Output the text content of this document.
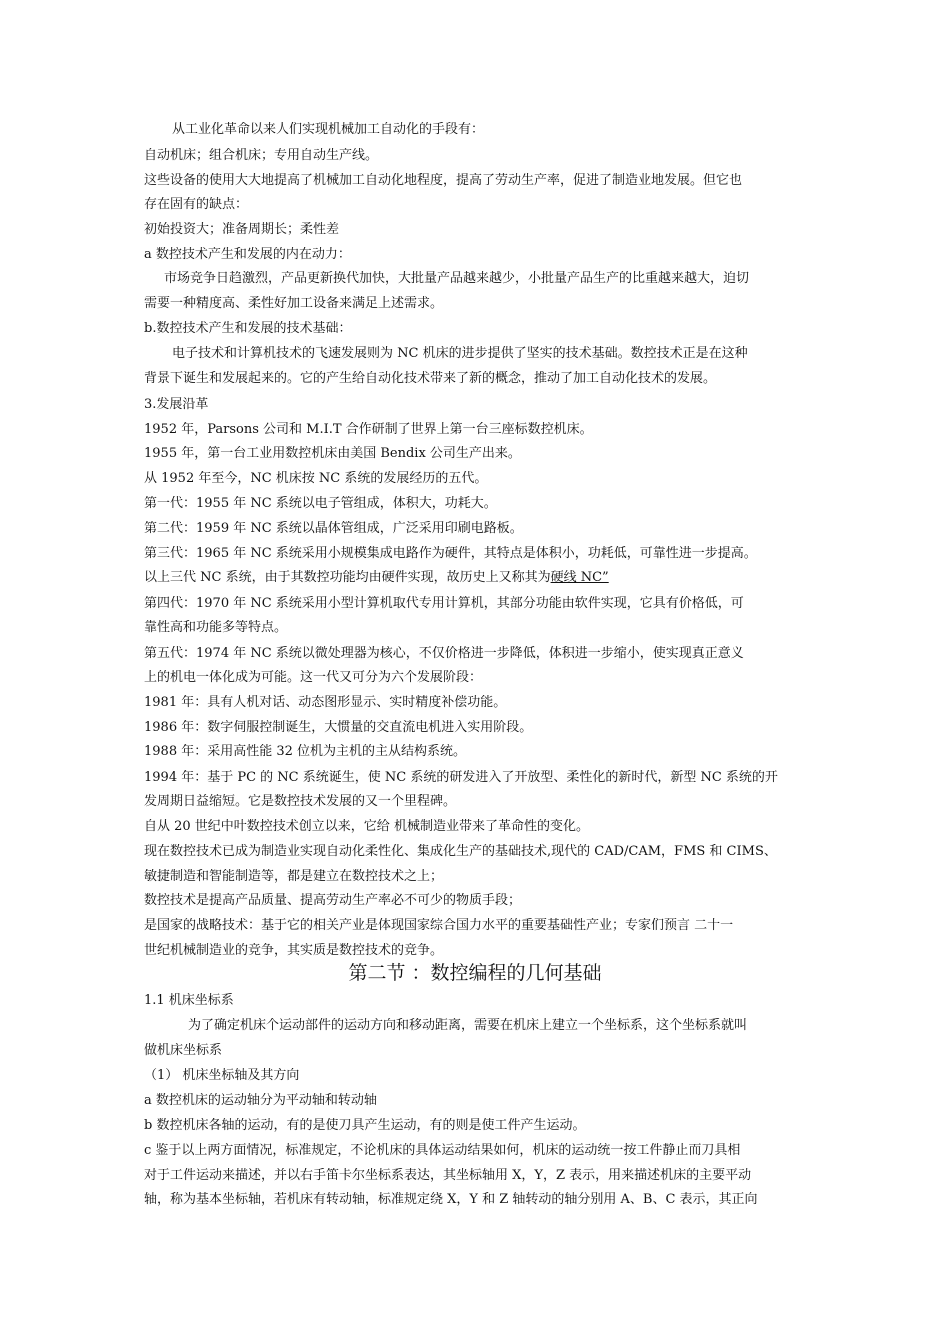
从工业化革命以来人们实现机械加工自动化的手段有：
自动机床；组合机床；专用自动生产线。
这些设备的使用大大地提高了机械加工自动化地程度，提高了劳动生产率，促进了制造业地发展。但它也
存在固有的缺点：
初始投资大；准备周期长；柔性差
a 数控技术产生和发展的内在动力：
市场竞争日趋激烈，产品更新换代加快，大批量产品越来越少，小批量产品生产的比重越来越大，迫切
需要一种精度高、柔性好加工设备来满足上述需求。
b.数控技术产生和发展的技术基础：
电子技术和计算机技术的飞速发展则为 NC 机床的进步提供了坚实的技术基础。数控技术正是在这种
背景下诞生和发展起来的。它的产生给自动化技术带来了新的概念，推动了加工自动化技术的发展。
3.发展沿革
1952 年，Parsons 公司和 M.I.T 合作研制了世界上第一台三座标数控机床。
1955 年，第一台工业用数控机床由美国 Bendix 公司生产出来。
从 1952 年至今，NC 机床按 NC 系统的发展经历的五代。
第一代：1955 年 NC 系统以电子管组成，体积大，功耗大。
第二代：1959 年 NC 系统以晶体管组成，广泛采用印刷电路板。
第三代：1965 年 NC 系统采用小规模集成电路作为硬件，其特点是体积小，功耗低，可靠性进一步提高。
以上三代 NC 系统，由于其数控功能均由硬件实现，故历史上又称其为硬线 NC”
第四代：1970 年 NC 系统采用小型计算机取代专用计算机，其部分功能由软件实现，它具有价格低，可
靠性高和功能多等特点。
第五代：1974 年 NC 系统以微处理器为核心，不仅价格进一步降低，体积进一步缩小，使实现真正意义
上的机电一体化成为可能。这一代又可分为六个发展阶段：
1981 年：具有人机对话、动态图形显示、实时精度补偿功能。
1986 年：数字伺服控制诞生，大惯量的交直流电机进入实用阶段。
1988 年：采用高性能 32 位机为主机的主从结构系统。
1994 年：基于 PC 的 NC 系统诞生，使 NC 系统的研发进入了开放型、柔性化的新时代，新型 NC 系统的开
发周期日益缩短。它是数控技术发展的又一个里程碑。
自从 20 世纪中叶数控技术创立以来，它给 机械制造业带来了革命性的变化。
现在数控技术已成为制造业实现自动化柔性化、集成化生产的基础技术,现代的 CAD/CAM，FMS 和 CIMS、
敏捷制造和智能制造等，都是建立在数控技术之上；
数控技术是提高产品质量、提高劳动生产率必不可少的物质手段；
是国家的战略技术：基于它的相关产业是体现国家综合国力水平的重要基础性产业；专家们预言 二十一
世纪机械制造业的竞争，其实质是数控技术的竞争。
第二节 ：数控编程的几何基础
1.1 机床坐标系
为了确定机床个运动部件的运动方向和移动距离，需要在机床上建立一个坐标系，这个坐标系就叫
做机床坐标系
（1） 机床坐标轴及其方向
a 数控机床的运动轴分为平动轴和转动轴
b 数控机床各轴的运动，有的是使刀具产生运动，有的则是使工件产生运动。
c 鉴于以上两方面情况，标准规定，不论机床的具体运动结果如何，机床的运动统一按工件静止而刀具相
对于工件运动来描述，并以右手笛卡尔坐标系表达，其坐标轴用 X，Y，Z 表示，用来描述机床的主要平动
轴，称为基本坐标轴，若机床有转动轴，标准规定绕 X，Y 和 Z 轴转动的轴分别用 A、B、C 表示，其正向
